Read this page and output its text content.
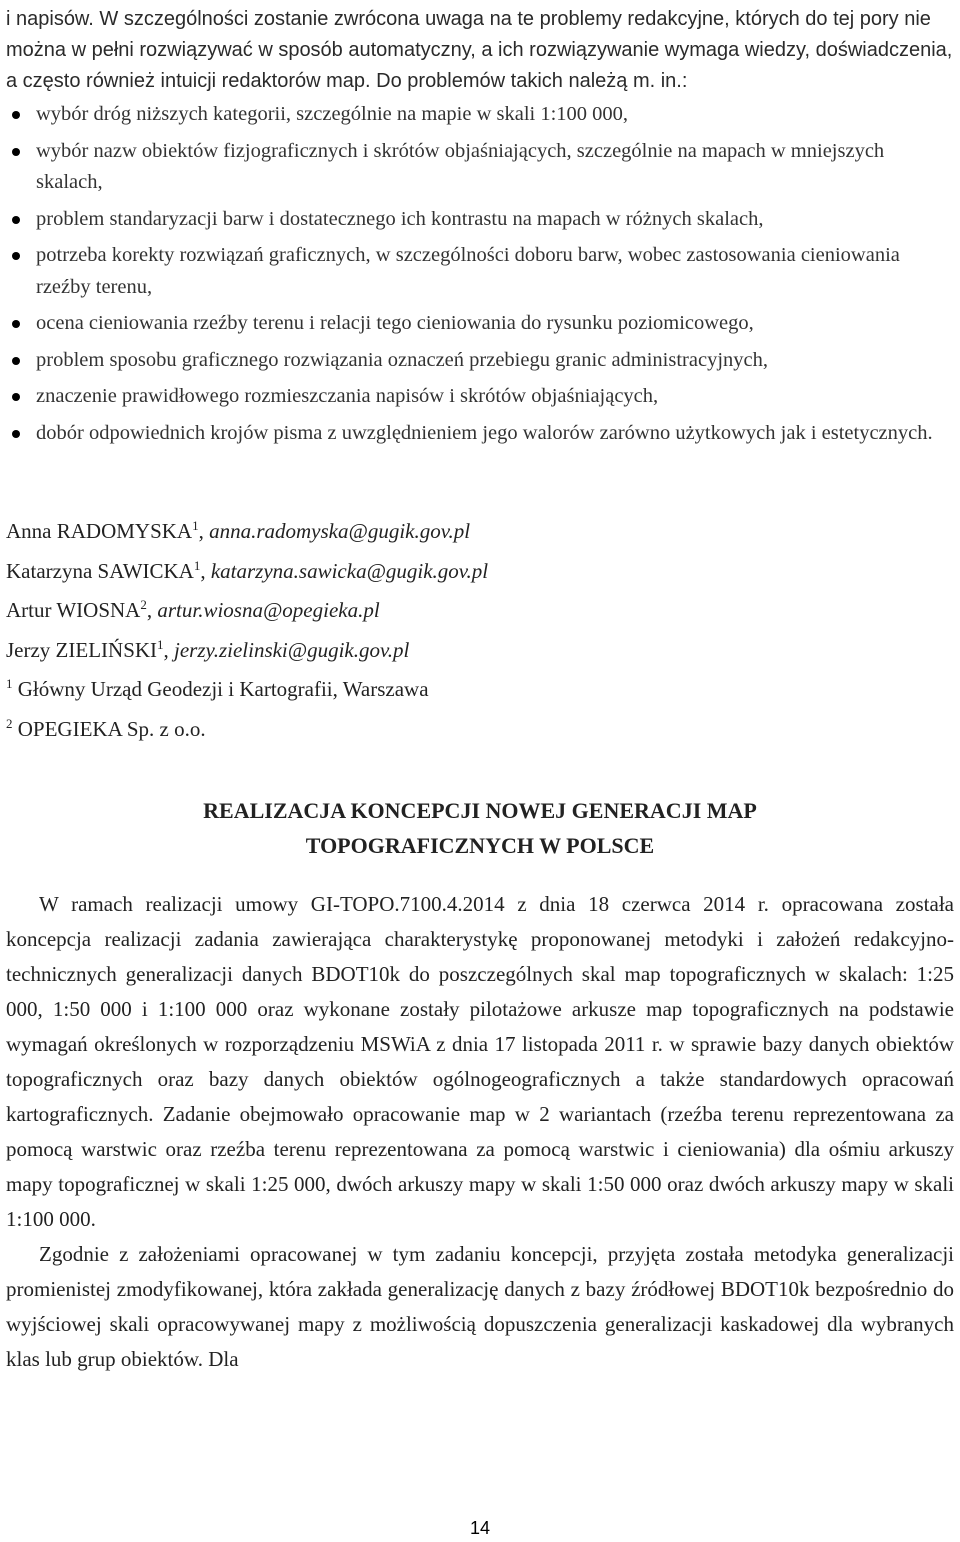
i napisów. W szczególności zostanie zwrócona uwaga na te problemy redakcyjne, których do tej pory nie można w pełni rozwiązywać w sposób automatyczny, a ich rozwiązywanie wymaga wiedzy, doświadczenia, a często również intuicji redaktorów map. Do problemów takich należą m. in.:

wybór dróg niższych kategorii, szczególnie na mapie w skali 1:100 000,
wybór nazw obiektów fizjograficznych i skrótów objaśniających, szczególnie na mapach w mniejszych skalach,
problem standaryzacji barw i dostatecznego ich kontrastu na mapach w różnych skalach,
potrzeba korekty rozwiązań graficznych, w szczególności doboru barw, wobec zastosowania cieniowania rzeźby terenu,
ocena cieniowania rzeźby terenu i relacji tego cieniowania do rysunku poziomicowego,
problem sposobu graficznego rozwiązania oznaczeń przebiegu granic administracyjnych,
znaczenie prawidłowego rozmieszczania napisów i skrótów objaśniających,
dobór odpowiednich krojów pisma z uwzględnieniem jego walorów zarówno użytkowych jak i estetycznych.
Anna RADOMYSKA$^1$, anna.radomyska@gugik.gov.pl
Katarzyna SAWICKA$^1$, katarzyna.sawicka@gugik.gov.pl
Artur WIOSNA$^2$, artur.wiosna@opegieka.pl
Jerzy ZIELIŃSKI$^1$, jerzy.zielinski@gugik.gov.pl
$^1$ Główny Urząd Geodezji i Kartografii, Warszawa
$^2$ OPEGIEKA Sp. z o.o.
REALIZACJA KONCEPCJI NOWEJ GENERACJI MAP
TOPOGRAFICZNYCH W POLSCE

W ramach realizacji umowy GI-TOPO.7100.4.2014 z dnia 18 czerwca 2014 r. opracowana została koncepcja realizacji zadania zawierająca charakterystykę proponowanej metodyki i założeń redakcyjno-technicznych generalizacji danych BDOT10k do poszczególnych skal map topograficznych w skalach: 1:25 000, 1:50 000 i 1:100 000 oraz wykonane zostały pilotażowe arkusze map topograficznych na podstawie wymagań określonych w rozporządzeniu MSWiA z dnia 17 listopada 2011 r. w sprawie bazy danych obiektów topograficznych oraz bazy danych obiektów ogólnogeograficznych a także standardowych opracowań kartograficznych. Zadanie obejmowało opracowanie map w 2 wariantach (rzeźba terenu reprezentowana za pomocą warstwic oraz rzeźba terenu reprezentowana za pomocą warstwic i cieniowania) dla ośmiu arkuszy mapy topograficznej w skali 1:25 000, dwóch arkuszy mapy w skali 1:50 000 oraz dwóch arkuszy mapy w skali 1:100 000.

Zgodnie z założeniami opracowanej w tym zadaniu koncepcji, przyjęta została metodyka generalizacji promienistej zmodyfikowanej, która zakłada generalizację danych z bazy źródłowej BDOT10k bezpośrednio do wyjściowej skali opracowywanej mapy z możliwością dopuszczenia generalizacji kaskadowej dla wybranych klas lub grup obiektów. Dla

14
